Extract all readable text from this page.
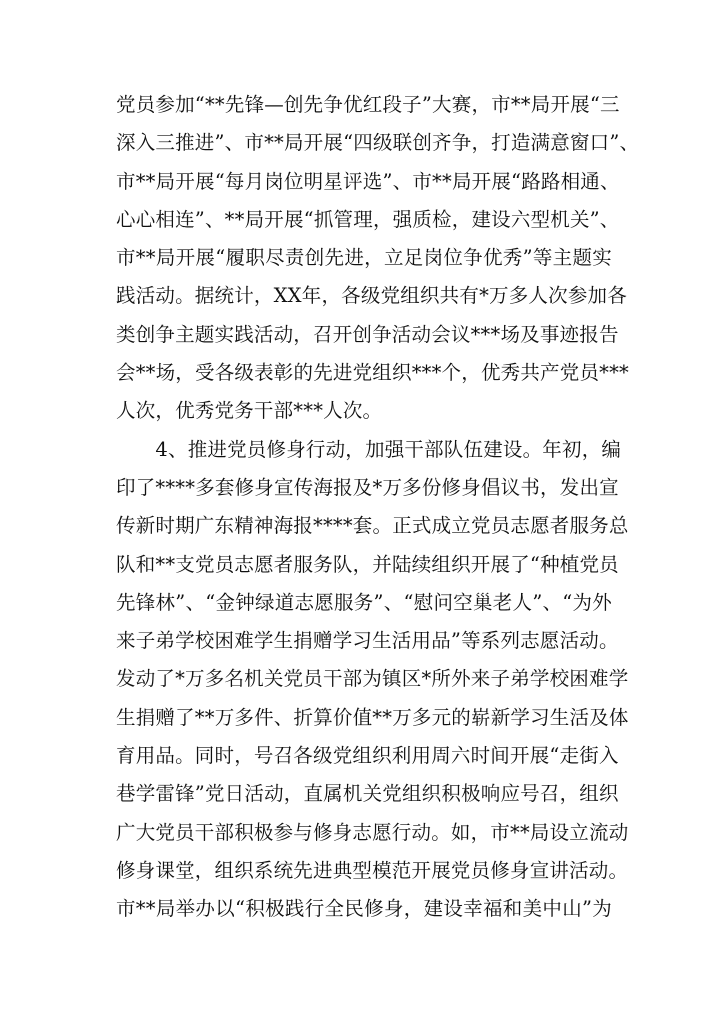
党员参加“**先锋—创先争优红段子”大赛，市**局开展“三
深入三推进”、市**局开展“四级联创齐争，打造满意窗口”、
市**局开展“每月岗位明星评选”、市**局开展“路路相通、
心心相连”、**局开展“抓管理，强质检，建设六型机关”、
市**局开展“履职尽责创先进，立足岗位争优秀”等主题实
践活动。据统计，XX年，各级党组织共有*万多人次参加各
类创争主题实践活动，召开创争活动会议***场及事迹报告
会**场，受各级表彰的先进党组织***个，优秀共产党员***
人次，优秀党务干部***人次。
　　4、推进党员修身行动，加强干部队伍建设。年初，编
印了****多套修身宣传海报及*万多份修身倡议书，发出宣
传新时期广东精神海报****套。正式成立党员志愿者服务总
队和**支党员志愿者服务队，并陆续组织开展了“种植党员
先锋林”、“金钟绿道志愿服务”、“慰问空巢老人”、“为外
来子弟学校困难学生捐赠学习生活用品”等系列志愿活动。
发动了*万多名机关党员干部为镇区*所外来子弟学校困难学
生捐赠了**万多件、折算价值**万多元的崭新学习生活及体
育用品。同时，号召各级党组织利用周六时间开展“走街入
巷学雷锋”党日活动，直属机关党组织积极响应号召，组织
广大党员干部积极参与修身志愿行动。如，市**局设立流动
修身课堂，组织系统先进典型模范开展党员修身宣讲活动。
市**局举办以“积极践行全民修身，建设幸福和美中山”为
